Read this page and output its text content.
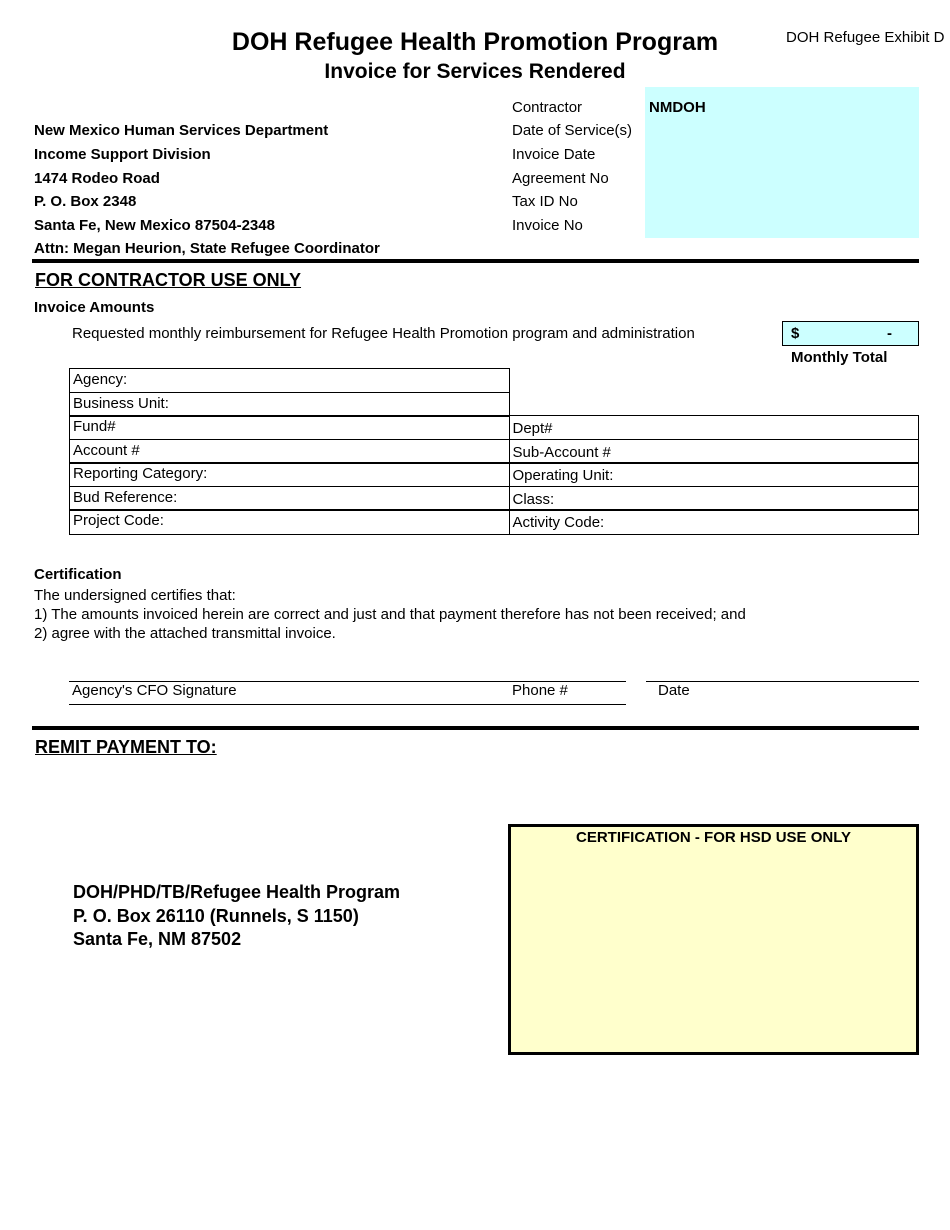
DOH Refugee Health Promotion Program
Invoice for Services Rendered
DOH Refugee Exhibit D
New Mexico Human Services Department
Income Support Division
1474 Rodeo Road
P. O. Box 2348
Santa Fe, New Mexico 87504-2348
Attn: Megan Heurion, State Refugee Coordinator
Contractor	NMDOH
Date of Service(s)
Invoice Date
Agreement No
Tax ID No
Invoice No
FOR CONTRACTOR USE ONLY
Invoice Amounts
Requested monthly reimbursement for Refugee Health Promotion program and administration	$	-
Monthly Total
Agency:
Business Unit:
Fund#	Dept#
Account #	Sub-Account #
Reporting Category:	Operating Unit:
Bud Reference:	Class:
Project Code:	Activity Code:
Certification
The undersigned certifies that:
1) The amounts invoiced herein are correct and just and that payment therefore has not been received; and
2) agree with the attached transmittal invoice.
Agency's CFO Signature	Phone #	Date
REMIT PAYMENT TO:
DOH/PHD/TB/Refugee Health Program
P. O. Box 26110 (Runnels, S 1150)
Santa Fe, NM 87502
CERTIFICATION - FOR HSD USE ONLY
